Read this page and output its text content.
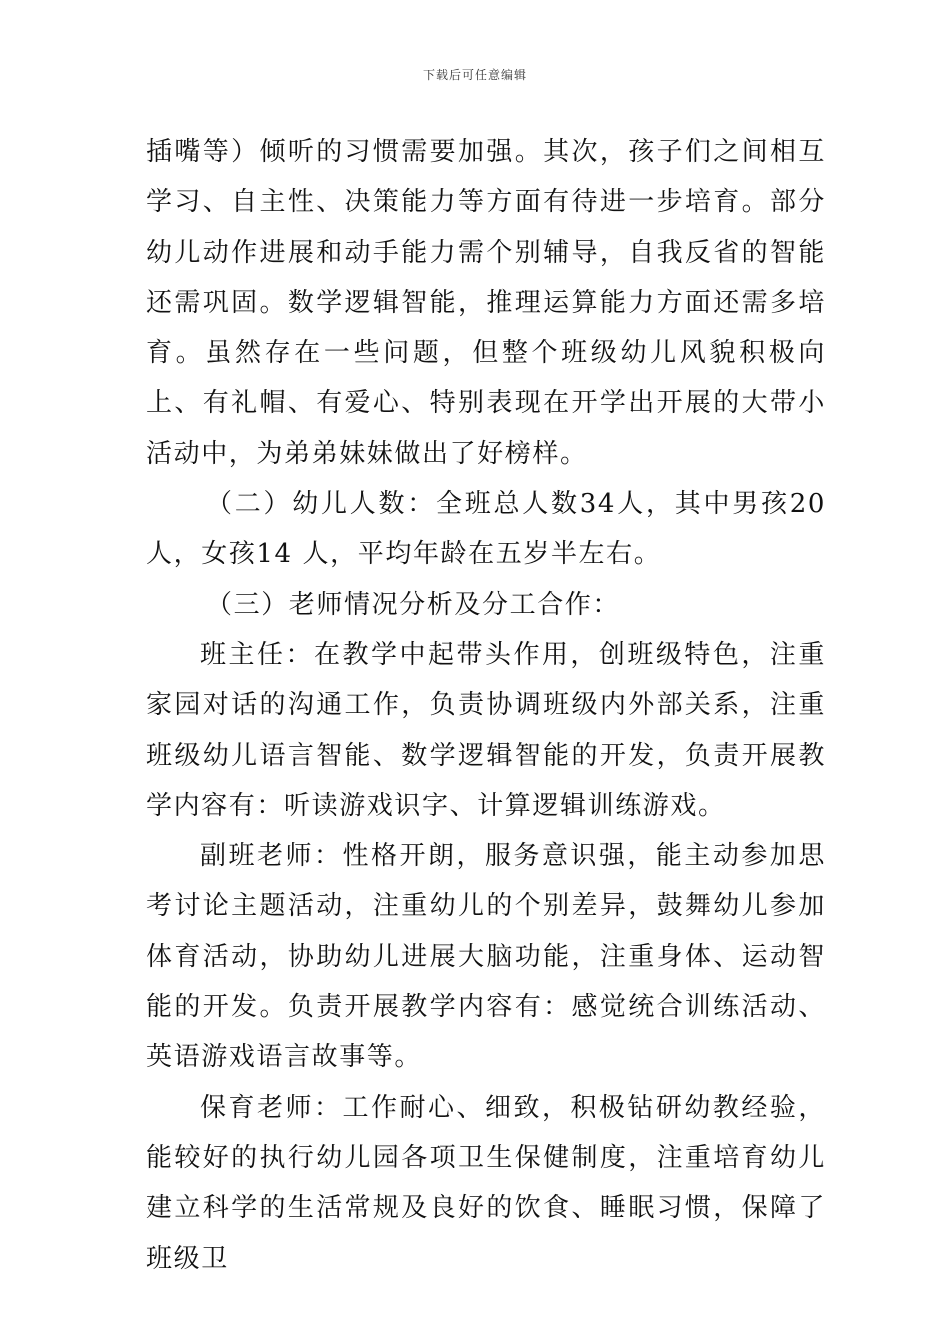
下载后可任意编辑

插嘴等）倾听的习惯需要加强。其次，孩子们之间相互学习、自主性、决策能力等方面有待进一步培育。部分幼儿动作进展和动手能力需个别辅导，自我反省的智能还需巩固。数学逻辑智能，推理运算能力方面还需多培育。虽然存在一些问题，但整个班级幼儿风貌积极向上、有礼帽、有爱心、特别表现在开学出开展的大带小活动中，为弟弟妹妹做出了好榜样。

（二）幼儿人数：全班总人数34人，其中男孩20 人，女孩14 人，平均年龄在五岁半左右。

（三）老师情况分析及分工合作：

班主任：在教学中起带头作用，创班级特色，注重家园对话的沟通工作，负责协调班级内外部关系，注重班级幼儿语言智能、数学逻辑智能的开发，负责开展教学内容有：听读游戏识字、计算逻辑训练游戏。

副班老师：性格开朗，服务意识强，能主动参加思考讨论主题活动，注重幼儿的个别差异，鼓舞幼儿参加体育活动，协助幼儿进展大脑功能，注重身体、运动智能的开发。负责开展教学内容有：感觉统合训练活动、英语游戏语言故事等。

保育老师：工作耐心、细致，积极钻研幼教经验，能较好的执行幼儿园各项卫生保健制度，注重培育幼儿建立科学的生活常规及良好的饮食、睡眠习惯，保障了班级卫
